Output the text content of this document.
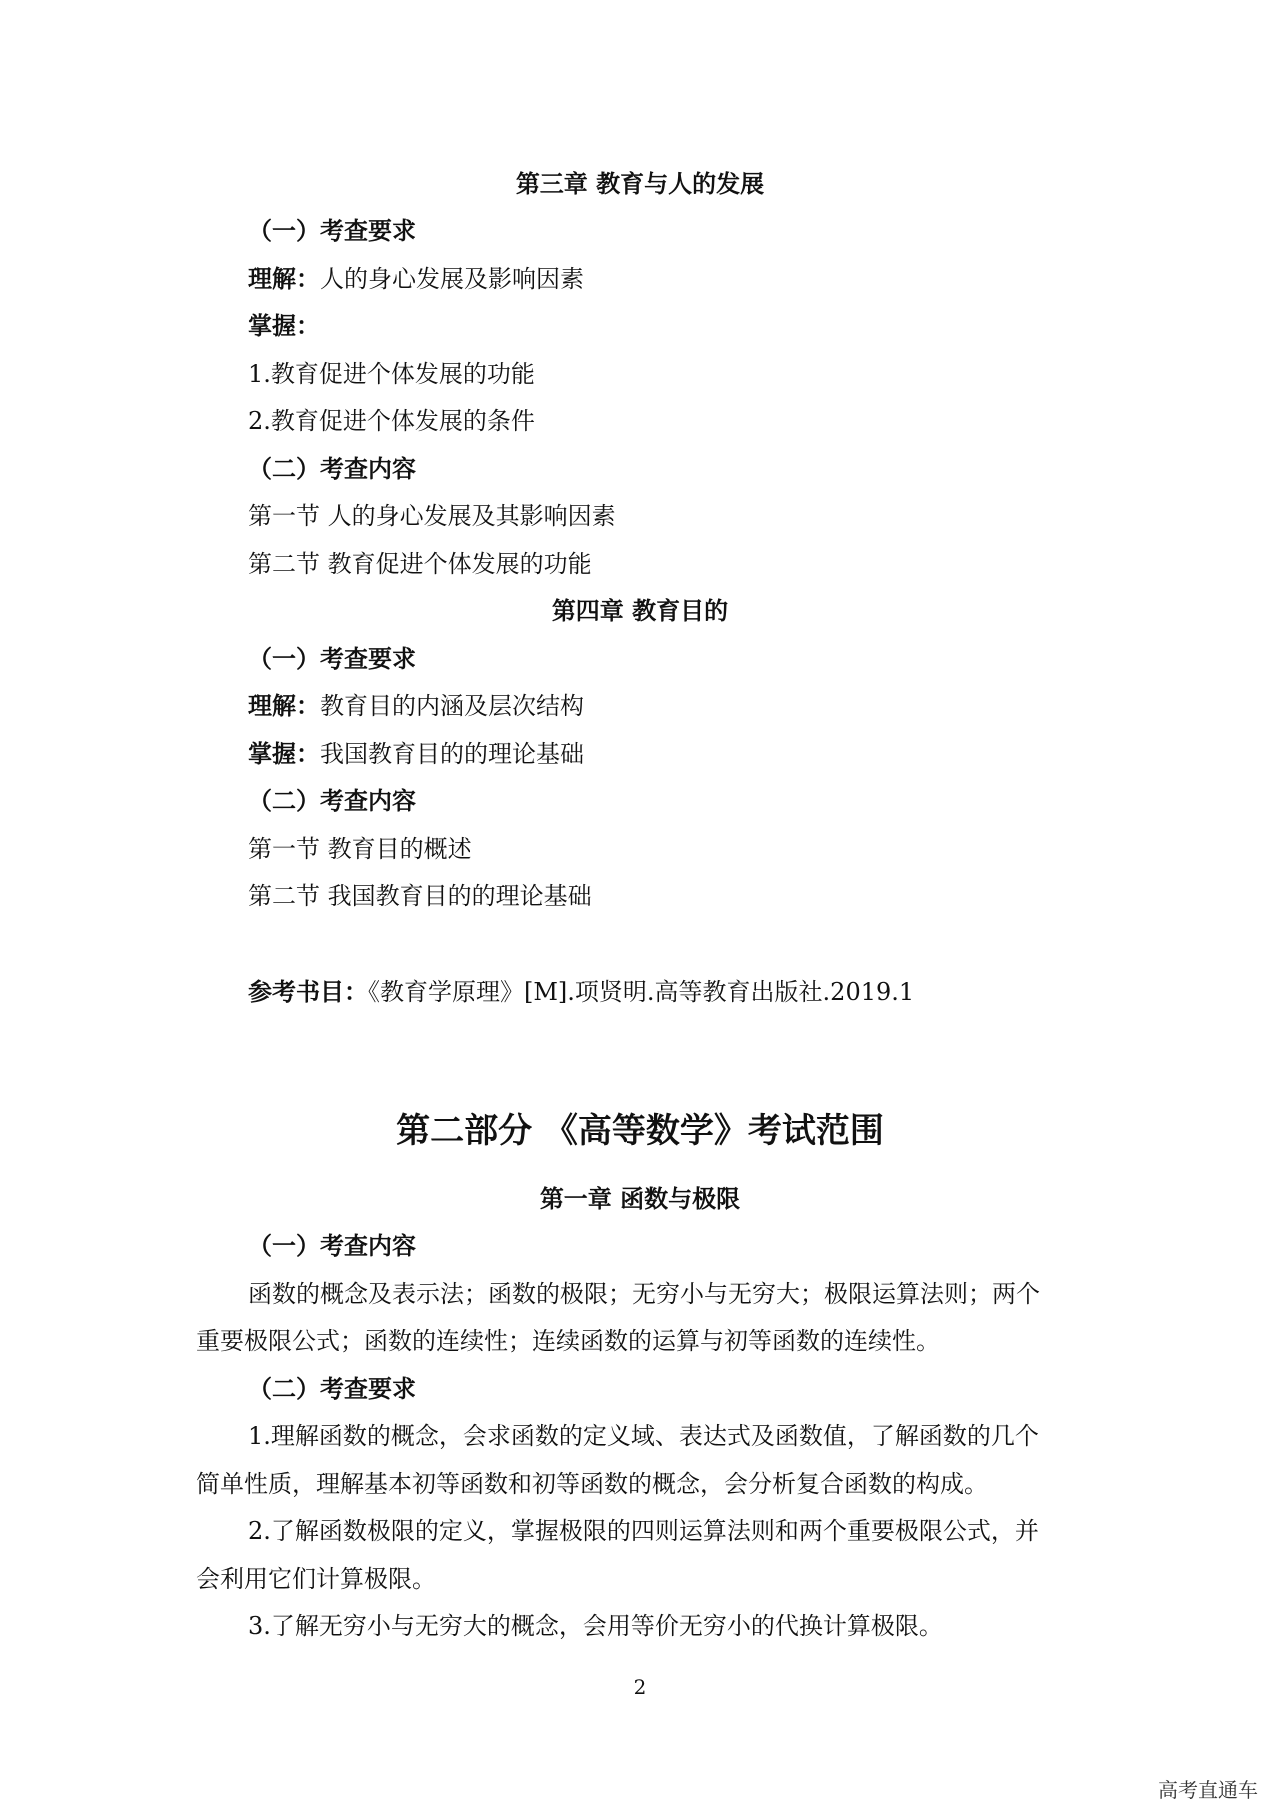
第三章 教育与人的发展
（一）考查要求
理解：人的身心发展及影响因素
掌握：
1.教育促进个体发展的功能
2.教育促进个体发展的条件
（二）考查内容
第一节 人的身心发展及其影响因素
第二节 教育促进个体发展的功能
第四章 教育目的
（一）考查要求
理解：教育目的内涵及层次结构
掌握：我国教育目的的理论基础
（二）考查内容
第一节 教育目的概述
第二节 我国教育目的的理论基础
参考书目：《教育学原理》[M].项贤明.高等教育出版社.2019.1
第二部分 《高等数学》考试范围
第一章 函数与极限
（一）考查内容
函数的概念及表示法；函数的极限；无穷小与无穷大；极限运算法则；两个
重要极限公式；函数的连续性；连续函数的运算与初等函数的连续性。
（二）考查要求
1.理解函数的概念，会求函数的定义域、表达式及函数值，了解函数的几个
简单性质，理解基本初等函数和初等函数的概念，会分析复合函数的构成。
2.了解函数极限的定义，掌握极限的四则运算法则和两个重要极限公式，并
会利用它们计算极限。
3.了解无穷小与无穷大的概念，会用等价无穷小的代换计算极限。
2
高考直通车
